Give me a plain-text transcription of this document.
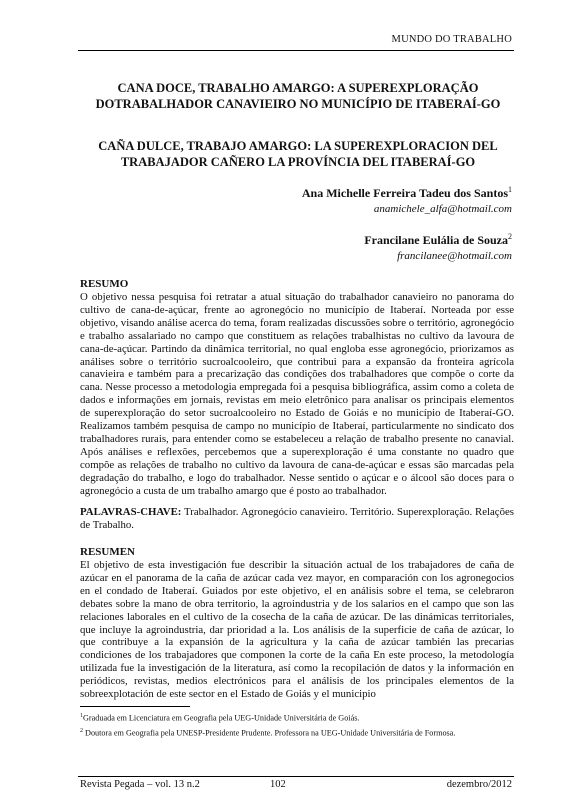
MUNDO DO TRABALHO
CANA DOCE, TRABALHO AMARGO: A SUPEREXPLORAÇÃO DOTRABALHADOR CANAVIEIRO NO MUNICÍPIO DE ITABERAÍ-GO
CAÑA DULCE, TRABAJO AMARGO: LA SUPEREXPLORACION DEL TRABAJADOR CAÑERO LA PROVÍNCIA DEL ITABERAÍ-GO
Ana Michelle Ferreira Tadeu dos Santos$^1$
anamichele_alfa@hotmail.com
Francilane Eulália de Souza$^2$
francilanee@hotmail.com
RESUMO
O objetivo nessa pesquisa foi retratar a atual situação do trabalhador canavieiro no panorama do cultivo de cana-de-açúcar, frente ao agronegócio no município de Itaberaí. Norteada por esse objetivo, visando análise acerca do tema, foram realizadas discussões sobre o território, agronegócio e trabalho assalariado no campo que constituem as relações trabalhistas no cultivo da lavoura de cana-de-açúcar. Partindo da dinâmica territorial, no qual engloba esse agronegócio, priorizamos as análises sobre o território sucroalcooleiro, que contribui para a expansão da fronteira agrícola canavieira e também para a precarização das condições dos trabalhadores que compõe o corte da cana. Nesse processo a metodologia empregada foi a pesquisa bibliográfica, assim como a coleta de dados e informações em jornais, revistas em meio eletrônico para analisar os principais elementos de superexploração do setor sucroalcooleiro no Estado de Goiás e no município de Itaberaí-GO. Realizamos também pesquisa de campo no município de Itaberaí, particularmente no sindicato dos trabalhadores rurais, para entender como se estabeleceu a relação de trabalho presente no canavial. Após análises e reflexões, percebemos que a superexploração é uma constante no quadro que compõe as relações de trabalho no cultivo da lavoura de cana-de-açúcar e essas são marcadas pela degradação do trabalho, e logo do trabalhador. Nesse sentido o açúcar e o álcool são doces para o agronegócio a custa de um trabalho amargo que é posto ao trabalhador.
PALAVRAS-CHAVE: Trabalhador. Agronegócio canavieiro. Território. Superexploração. Relações de Trabalho.
RESUMEN
El objetivo de esta investigación fue describir la situación actual de los trabajadores de caña de azúcar en el panorama de la caña de azúcar cada vez mayor, en comparación con los agronegocios en el condado de Itaberaí. Guiados por este objetivo, el en análisis sobre el tema, se celebraron debates sobre la mano de obra territorio, la agroindustria y de los salarios en el campo que son las relaciones laborales en el cultivo de la cosecha de la caña de azúcar. De las dinámicas territoriales, que incluye la agroindustria, dar prioridad a la. Los análisis de la superficie de caña de azúcar, lo que contribuye a la expansión de la agricultura y la caña de azúcar también las precarias condiciones de los trabajadores que componen la corte de la caña En este proceso, la metodología utilizada fue la investigación de la literatura, así como la recopilación de datos y la información en periódicos, revistas, medios electrónicos para el análisis de los principales elementos de la sobreexplotación de este sector en el Estado de Goiás y el municipio
$^1$Graduada em Licenciatura em Geografia pela UEG-Unidade Universitária de Goiás.
$^2$ Doutora em Geografia pela UNESP-Presidente Prudente. Professora na UEG-Unidade Universitária de Formosa.
Revista Pegada – vol. 13 n.2	102	dezembro/2012
